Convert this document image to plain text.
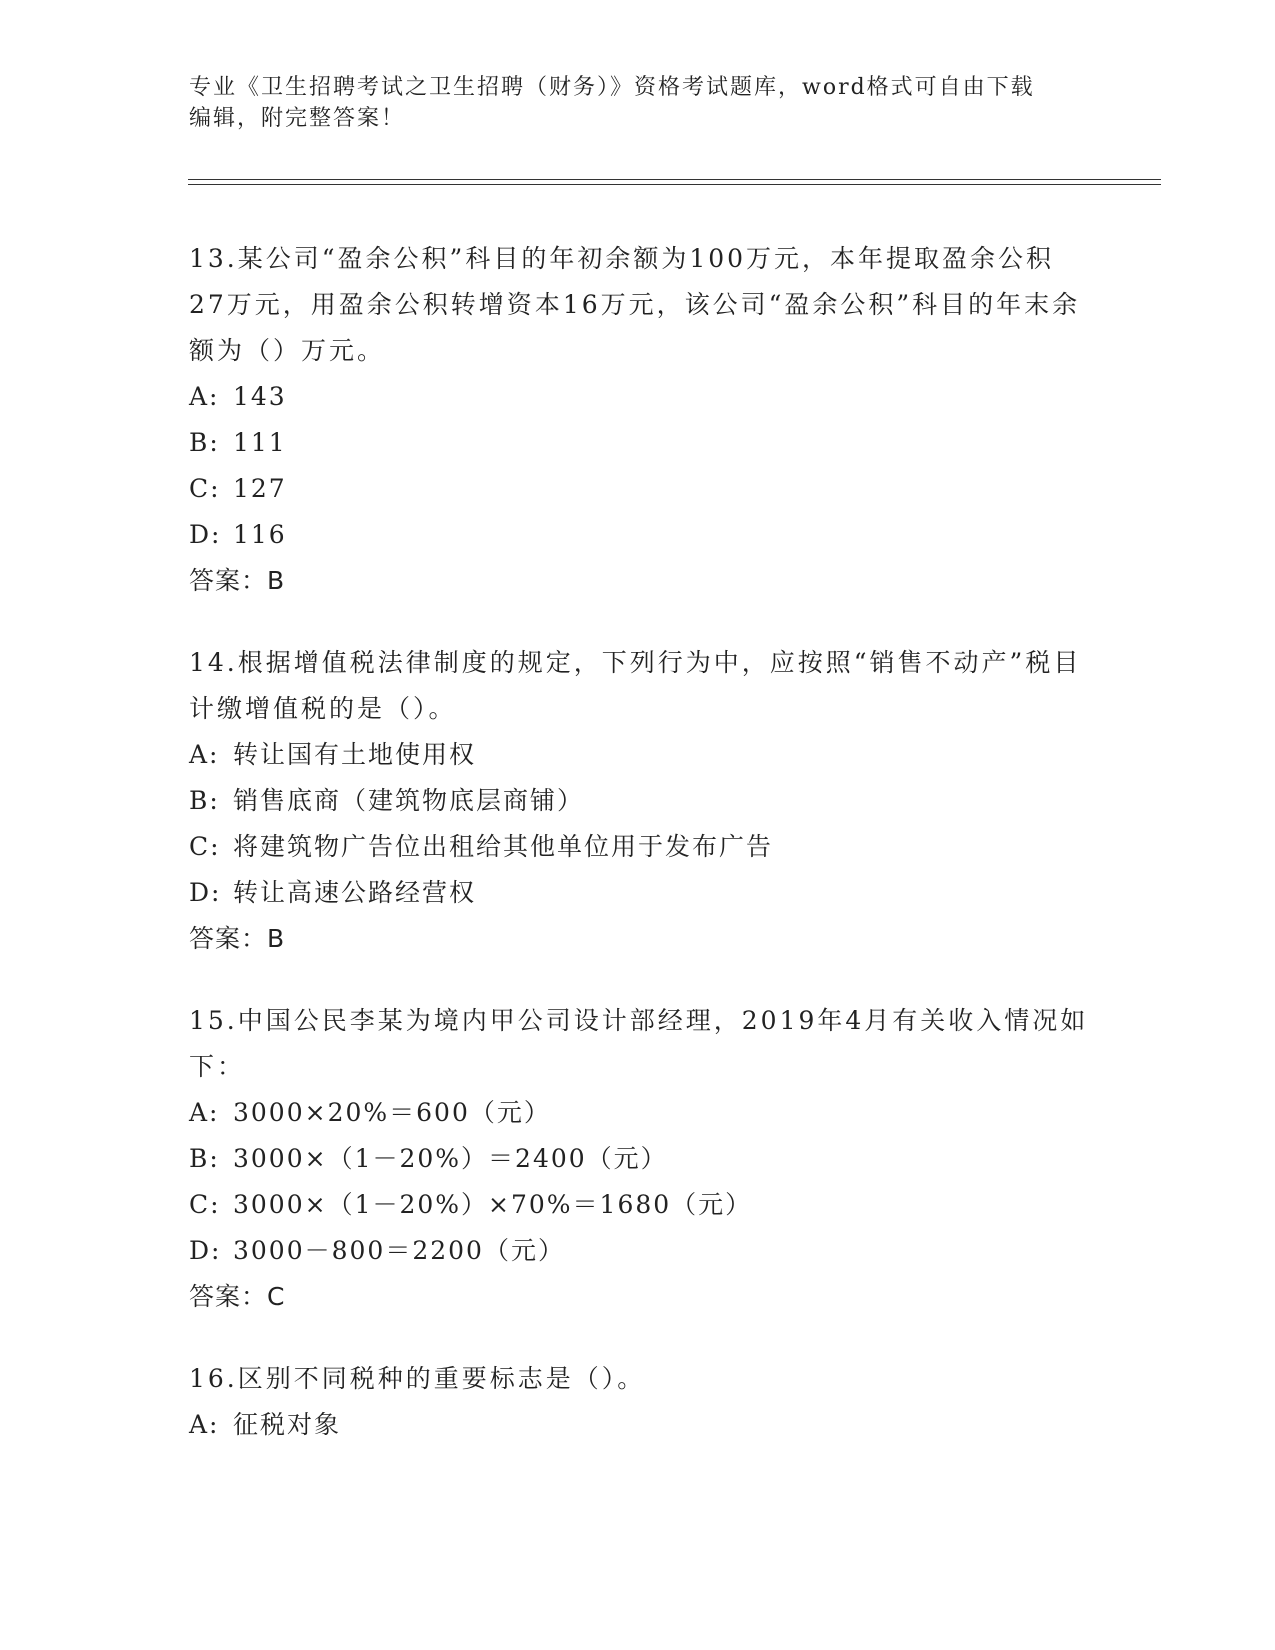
专业《卫生招聘考试之卫生招聘（财务）》资格考试题库，word格式可自由下载
编辑，附完整答案！

13.某公司“盈余公积”科目的年初余额为100万元，本年提取盈余公积27万元，用盈余公积转增资本16万元，该公司“盈余公积”科目的年末余额为（）万元。

A: 143

B: 111

C: 127

D: 116

答案：B

14.根据增值税法律制度的规定，下列行为中，应按照“销售不动产”税目计缴增值税的是（）。

A: 转让国有土地使用权

B: 销售底商（建筑物底层商铺）

C: 将建筑物广告位出租给其他单位用于发布广告

D: 转让高速公路经营权

答案：B

15.中国公民李某为境内甲公司设计部经理，2019年4月有关收入情况如下：

A: 3000×20%＝600（元）

B: 3000×（1－20%）＝2400（元）

C: 3000×（1－20%）×70%＝1680（元）

D: 3000－800＝2200（元）

答案：C

16.区别不同税种的重要标志是（）。

A: 征税对象
